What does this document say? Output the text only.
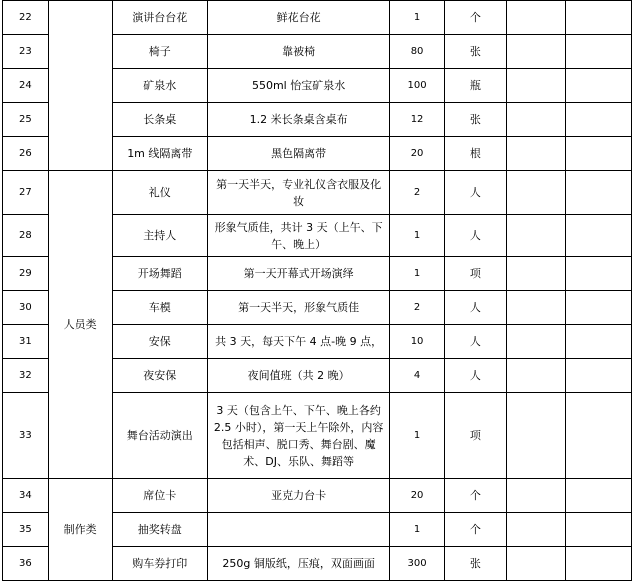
22		演讲台台花	鲜花台花	1	个		
23		椅子	靠被椅	80	张		
24		矿泉水	550ml 怡宝矿泉水	100	瓶		
25		长条桌	1.2 米长条桌含桌布	12	张		
26		1m 线隔离带	黑色隔离带	20	根		
27	人员类	礼仪	第一天半天，专业礼仪含衣服及化妆	2	人		
28		主持人	形象气质佳，共计 3 天（上午、下午、晚上）	1	人		
29		开场舞蹈	第一天开幕式开场演绎	1	项		
30		车模	第一天半天，形象气质佳	2	人		
31		安保	共 3 天，每天下午 4 点-晚 9 点，	10	人		
32		夜安保	夜间值班（共 2 晚）	4	人		
33		舞台活动演出	3 天（包含上午、下午、晚上各约 2.5 小时），第一天上午除外，内容包括相声、脱口秀、舞台剧、魔术、DJ、乐队、舞蹈等	1	项		
34	制作类	席位卡	亚克力台卡	20	个		
35		抽奖转盘		1	个		
36		购车券打印	250g 铜版纸，压痕，双面画面	300	张		
